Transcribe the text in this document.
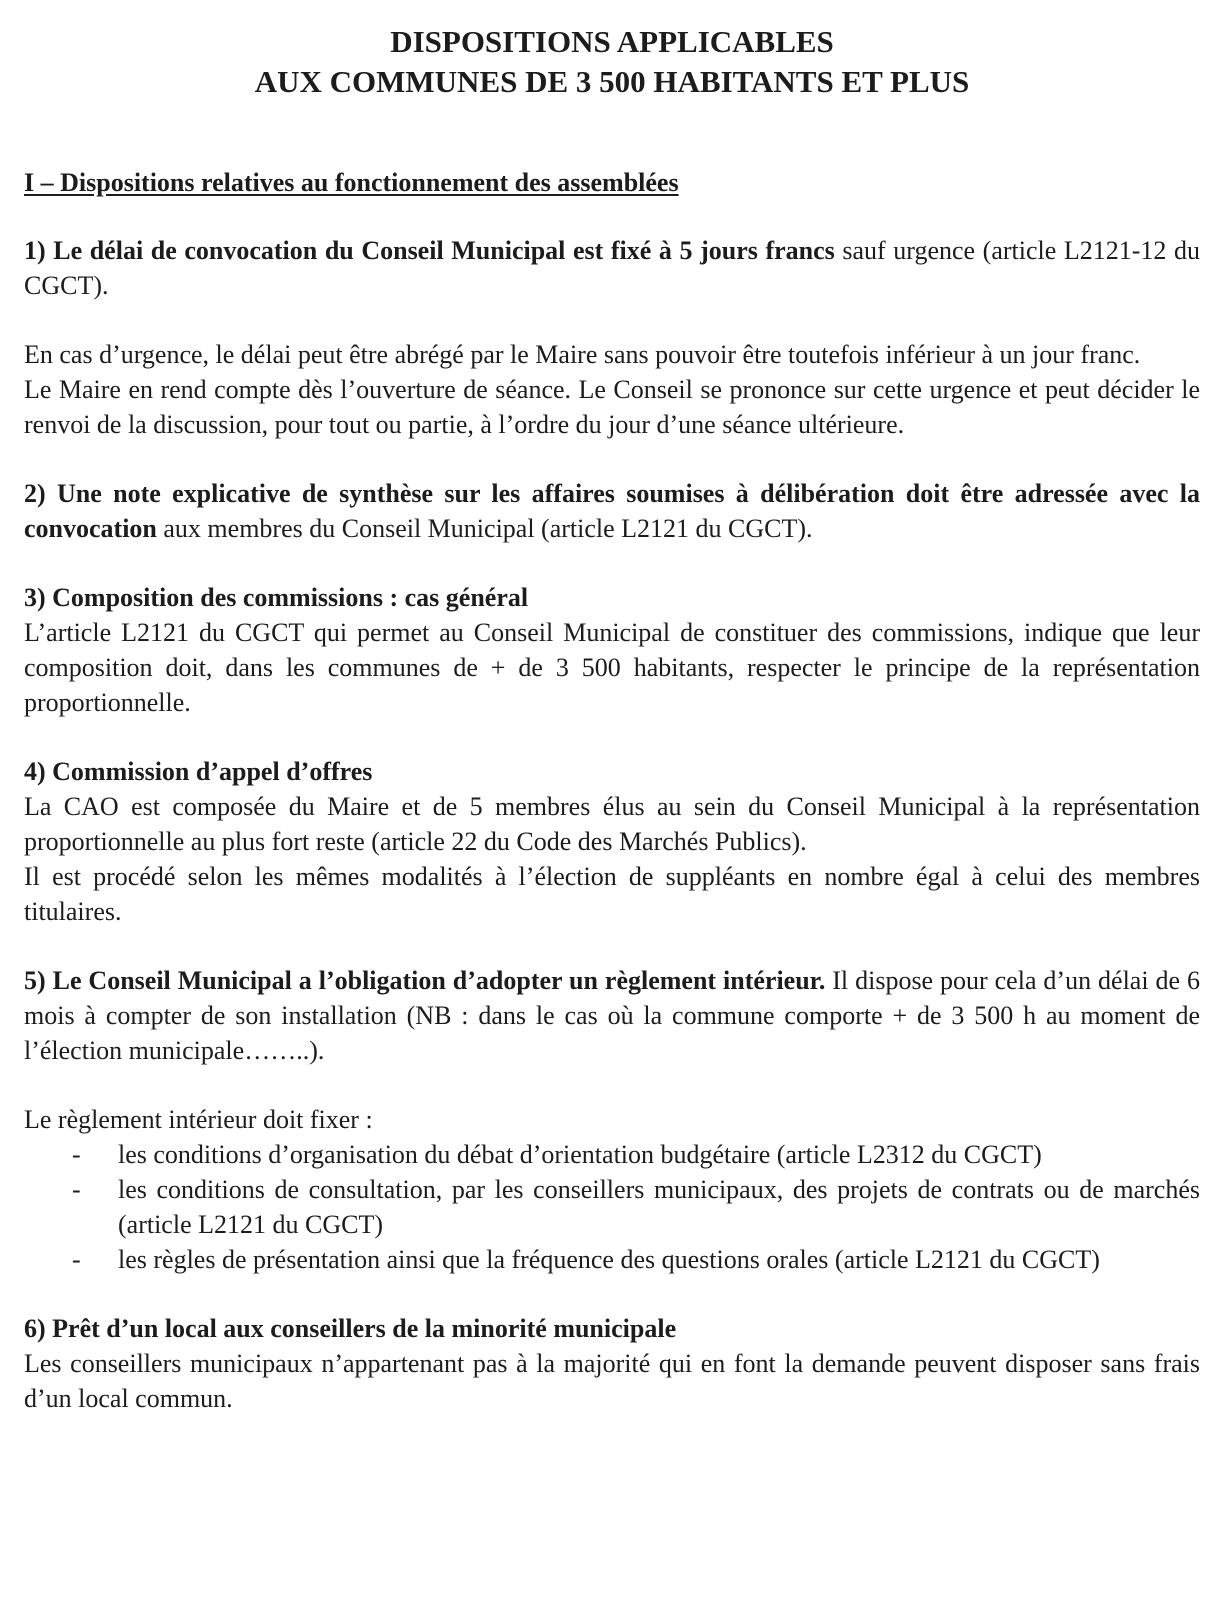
DISPOSITIONS APPLICABLES
AUX COMMUNES DE 3 500 HABITANTS ET PLUS
I – Dispositions relatives au fonctionnement des assemblées

1) Le délai de convocation du Conseil Municipal est fixé à 5 jours francs sauf urgence (article L2121-12 du CGCT).

En cas d’urgence, le délai peut être abrégé par le Maire sans pouvoir être toutefois inférieur à un jour franc.

Le Maire en rend compte dès l’ouverture de séance. Le Conseil se prononce sur cette urgence et peut décider le renvoi de la discussion, pour tout ou partie, à l’ordre du jour d’une séance ultérieure.

2) Une note explicative de synthèse sur les affaires soumises à délibération doit être adressée avec la convocation aux membres du Conseil Municipal (article L2121 du CGCT).

3) Composition des commissions : cas général

L’article L2121 du CGCT qui permet au Conseil Municipal de constituer des commissions, indique que leur composition doit, dans les communes de + de 3 500 habitants, respecter le principe de la représentation proportionnelle.

4) Commission d’appel d’offres

La CAO est composée du Maire et de 5 membres élus au sein du Conseil Municipal à la représentation proportionnelle au plus fort reste (article 22 du Code des Marchés Publics).

Il est procédé selon les mêmes modalités à l’élection de suppléants en nombre égal à celui des membres titulaires.

5) Le Conseil Municipal a l’obligation d’adopter un règlement intérieur. Il dispose pour cela d’un délai de 6 mois à compter de son installation (NB : dans le cas où la commune comporte + de 3 500 h au moment de l’élection municipale……..).

Le règlement intérieur doit fixer :

- les conditions d’organisation du débat d’orientation budgétaire (article L2312 du CGCT)
- les conditions de consultation, par les conseillers municipaux, des projets de contrats ou de marchés (article L2121 du CGCT)
- les règles de présentation ainsi que la fréquence des questions orales (article L2121 du CGCT)
6) Prêt d’un local aux conseillers de la minorité municipale

Les conseillers municipaux n’appartenant pas à la majorité qui en font la demande peuvent disposer sans frais d’un local commun.
